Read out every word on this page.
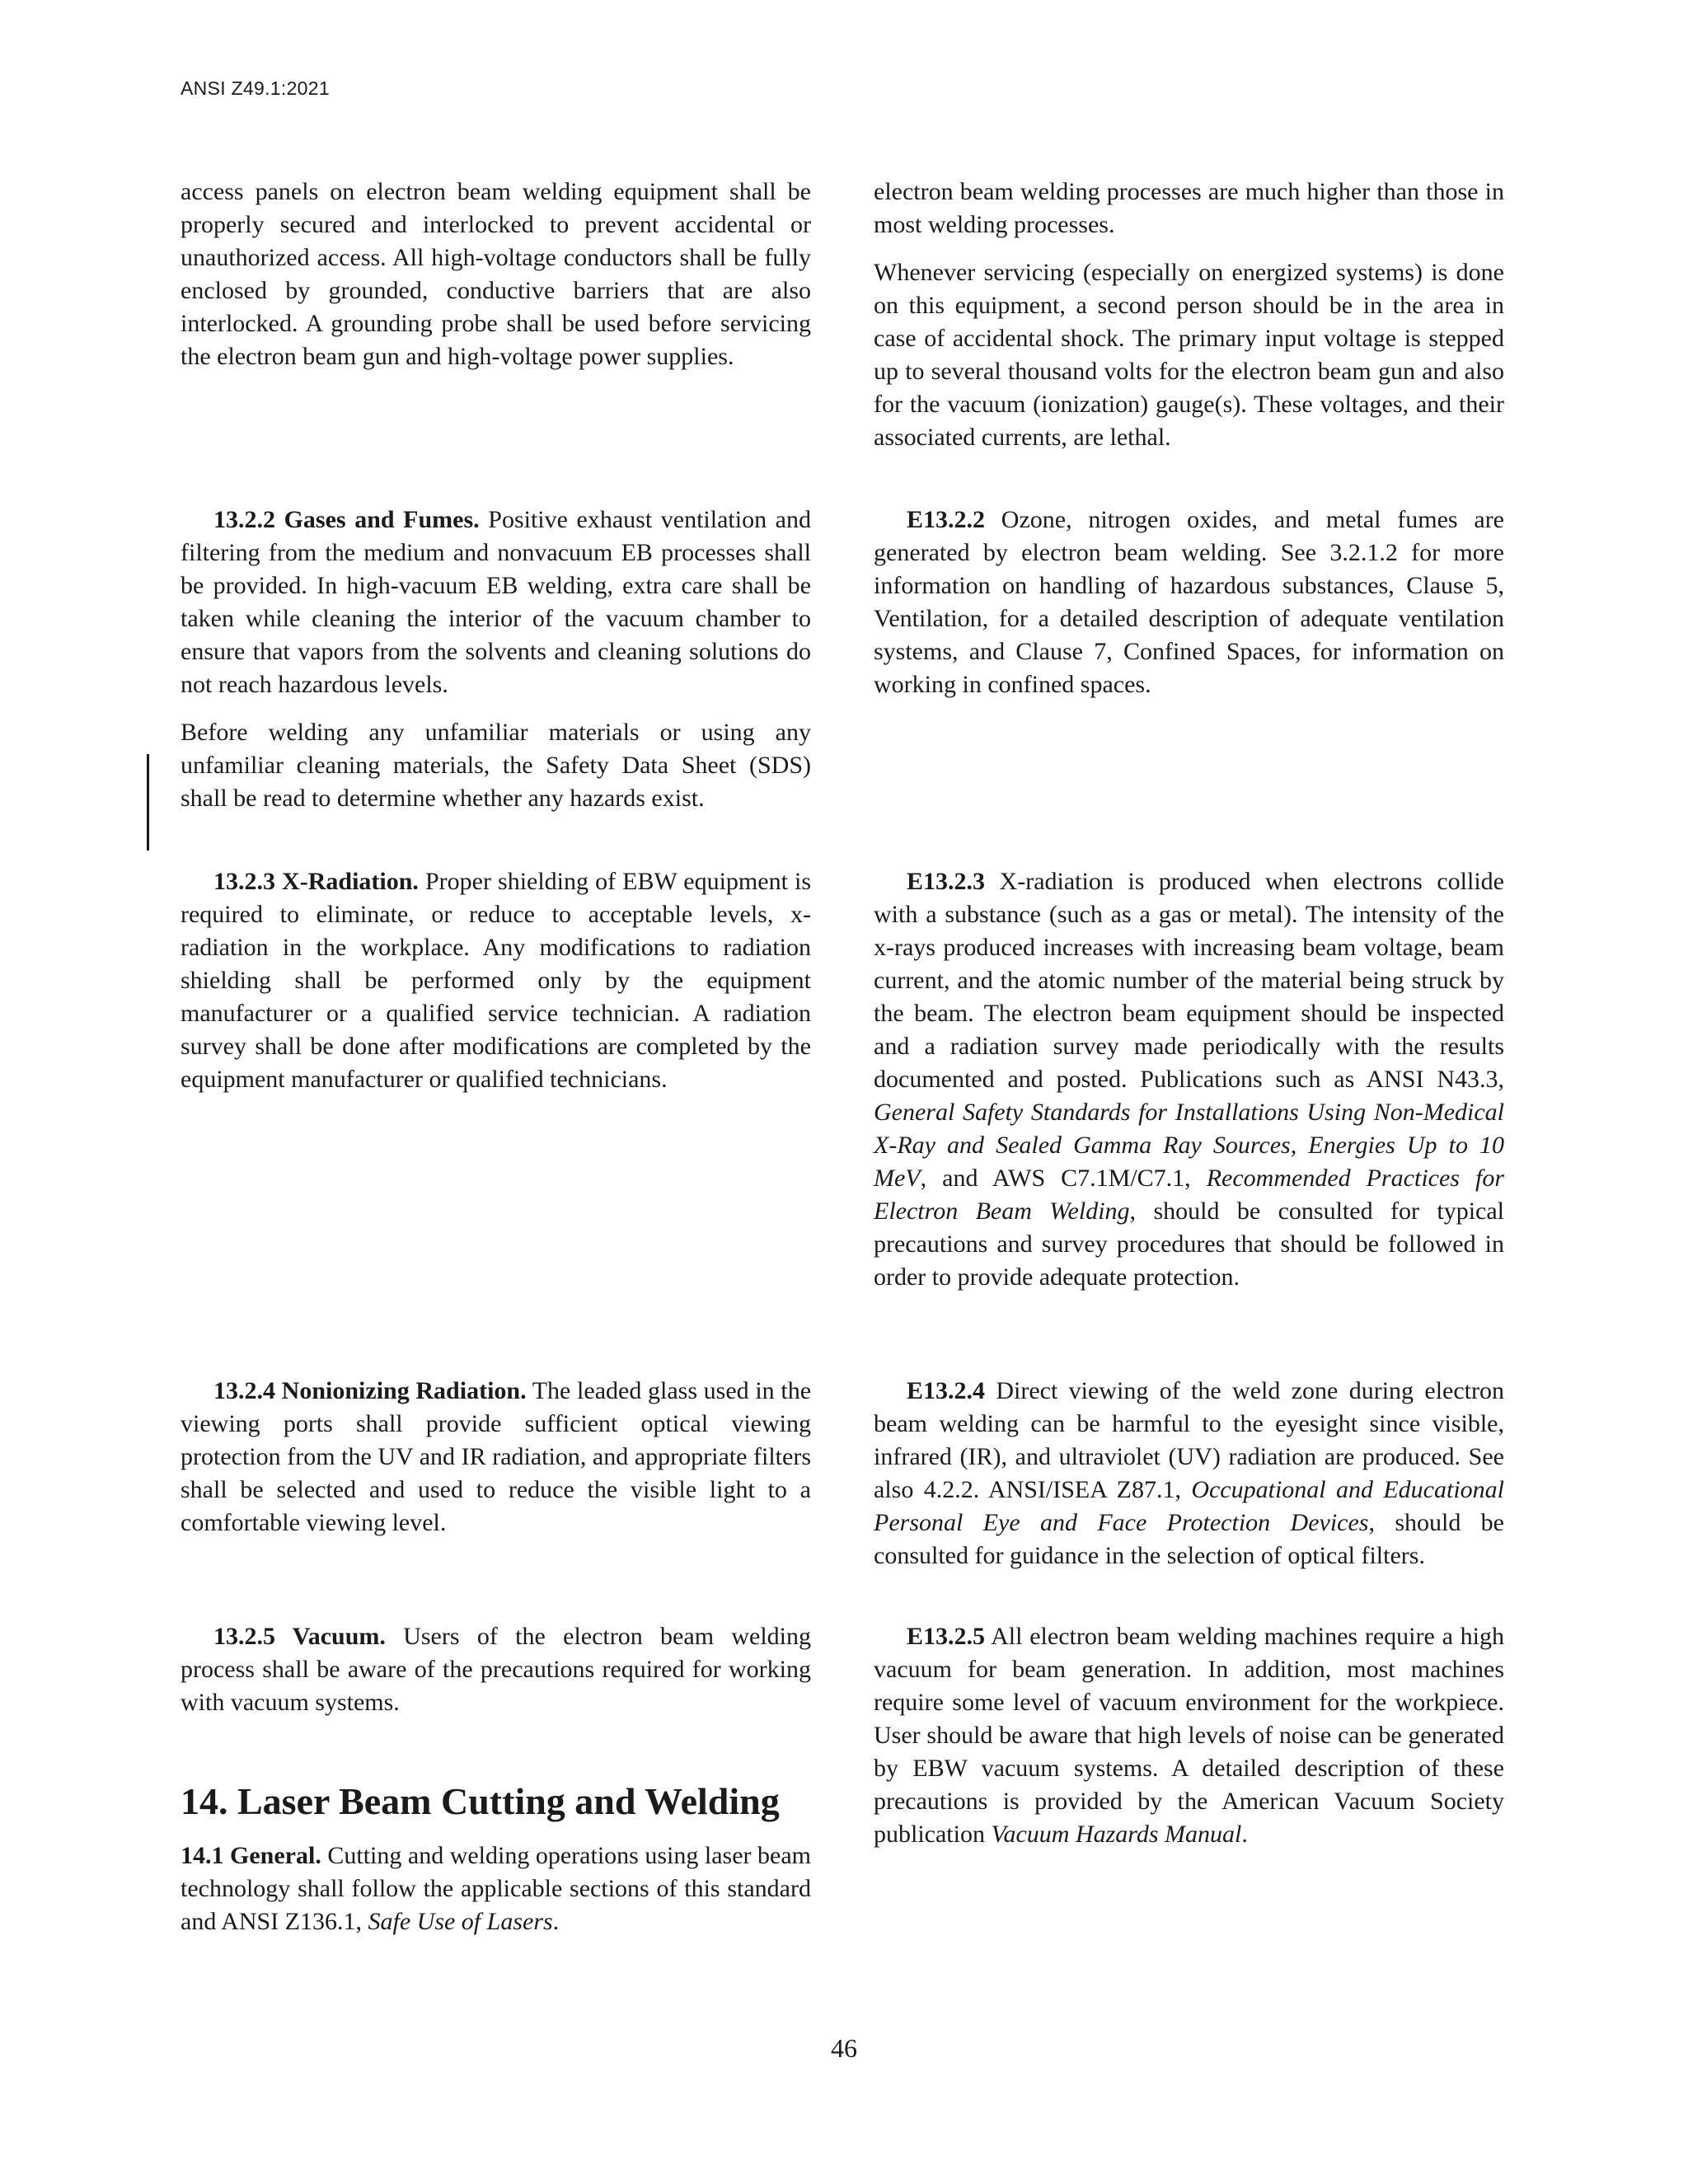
ANSI Z49.1:2021

access panels on electron beam welding equipment shall be properly secured and interlocked to prevent accidental or unauthorized access. All high-voltage conductors shall be fully enclosed by grounded, conductive barriers that are also interlocked. A grounding probe shall be used before servicing the electron beam gun and high-voltage power supplies.

electron beam welding processes are much higher than those in most welding processes.

Whenever servicing (especially on energized systems) is done on this equipment, a second person should be in the area in case of accidental shock. The primary input voltage is stepped up to several thousand volts for the electron beam gun and also for the vacuum (ionization) gauge(s). These voltages, and their associated currents, are lethal.

13.2.2 Gases and Fumes. Positive exhaust ventilation and filtering from the medium and nonvacuum EB processes shall be provided. In high-vacuum EB welding, extra care shall be taken while cleaning the interior of the vacuum chamber to ensure that vapors from the solvents and cleaning solutions do not reach hazardous levels.

Before welding any unfamiliar materials or using any unfamiliar cleaning materials, the Safety Data Sheet (SDS) shall be read to determine whether any hazards exist.

E13.2.2 Ozone, nitrogen oxides, and metal fumes are generated by electron beam welding. See 3.2.1.2 for more information on handling of hazardous substances, Clause 5, Ventilation, for a detailed description of adequate ventilation systems, and Clause 7, Confined Spaces, for information on working in confined spaces.

13.2.3 X-Radiation. Proper shielding of EBW equipment is required to eliminate, or reduce to acceptable levels, x-radiation in the workplace. Any modifications to radiation shielding shall be performed only by the equipment manufacturer or a qualified service technician. A radiation survey shall be done after modifications are completed by the equipment manufacturer or qualified technicians.

E13.2.3 X-radiation is produced when electrons collide with a substance (such as a gas or metal). The intensity of the x-rays produced increases with increasing beam voltage, beam current, and the atomic number of the material being struck by the beam. The electron beam equipment should be inspected and a radiation survey made periodically with the results documented and posted. Publications such as ANSI N43.3, General Safety Standards for Installations Using Non-Medical X-Ray and Sealed Gamma Ray Sources, Energies Up to 10 MeV, and AWS C7.1M/C7.1, Recommended Practices for Electron Beam Welding, should be consulted for typical precautions and survey procedures that should be followed in order to provide adequate protection.

13.2.4 Nonionizing Radiation. The leaded glass used in the viewing ports shall provide sufficient optical viewing protection from the UV and IR radiation, and appropriate filters shall be selected and used to reduce the visible light to a comfortable viewing level.

E13.2.4 Direct viewing of the weld zone during electron beam welding can be harmful to the eyesight since visible, infrared (IR), and ultraviolet (UV) radiation are produced. See also 4.2.2. ANSI/ISEA Z87.1, Occupational and Educational Personal Eye and Face Protection Devices, should be consulted for guidance in the selection of optical filters.

13.2.5 Vacuum. Users of the electron beam welding process shall be aware of the precautions required for working with vacuum systems.

E13.2.5 All electron beam welding machines require a high vacuum for beam generation. In addition, most machines require some level of vacuum environment for the workpiece. User should be aware that high levels of noise can be generated by EBW vacuum systems. A detailed description of these precautions is provided by the American Vacuum Society publication Vacuum Hazards Manual.

14. Laser Beam Cutting and Welding

14.1 General. Cutting and welding operations using laser beam technology shall follow the applicable sections of this standard and ANSI Z136.1, Safe Use of Lasers.

46
